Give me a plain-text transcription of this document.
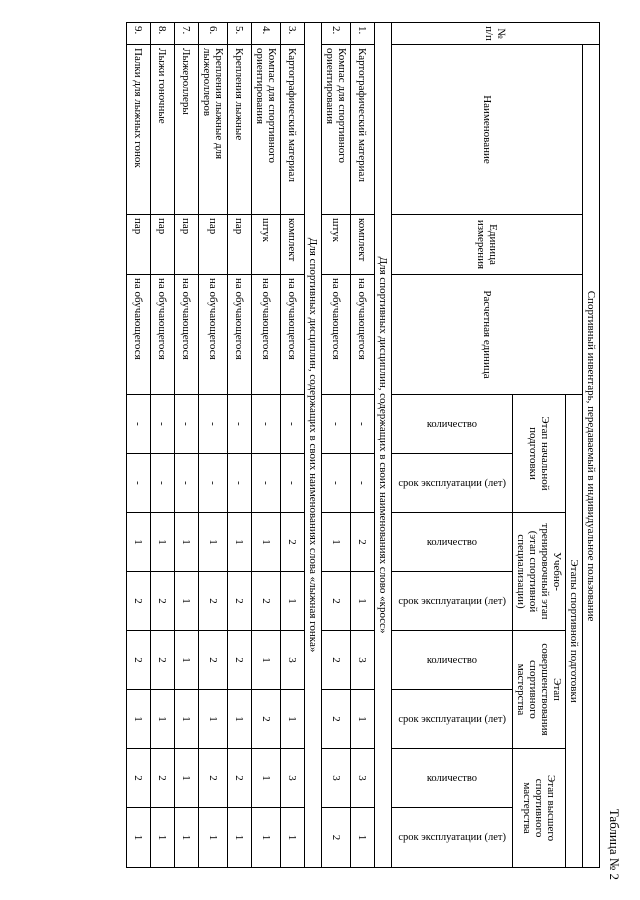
Таблица № 2
№ п/п	Спортивный инвентарь, передаваемый в индивидуальное пользование										
	Наименование	Единица измерения	Расчетная единица	Этапы спортивной подготовки							
				Этап начальной подготовки		Учебно-тренировочный этап (этап спортивной специализации)		Этап совершенствования спортивного мастерства		Этап высшего спортивного мастерства	

				количество	срок эксплуатации (лет)	количество	срок эксплуатации (лет)	количество	срок эксплуатации (лет)	количество	срок эксплуатации (лет)

Для спортивных дисциплин, содержащих в своих наименованиях слово «кросс»											
1.	Картографический материал	комплект	на обучающегося	-	-	2	1	3	1	3	1
2.	Компас для спортивного ориентирования	штук	на обучающегося	-	-	1	2	2	2	3	2
Для спортивных дисциплин, содержащих в своих наименованиях слова «лыжная гонка»											
3.	Картографический материал	комплект	на обучающегося	-	-	2	1	3	1	3	1
4.	Компас для спортивного ориентирования	штук	на обучающегося	-	-	1	2	1	2	1	1
5.	Крепления лыжные	пар	на обучающегося	-	-	1	2	2	1	2	1
6.	Крепления лыжные для лыжероллеров	пар	на обучающегося	-	-	1	2	2	1	2	1
7.	Лыжероллеры	пар	на обучающегося	-	-	1	1	1	1	1	1
8.	Лыжи гоночные	пар	на обучающегося	-	-	1	2	2	1	2	1
9.	Палки для лыжных гонок	пар	на обучающегося	-	-	1	2	2	1	2	1
